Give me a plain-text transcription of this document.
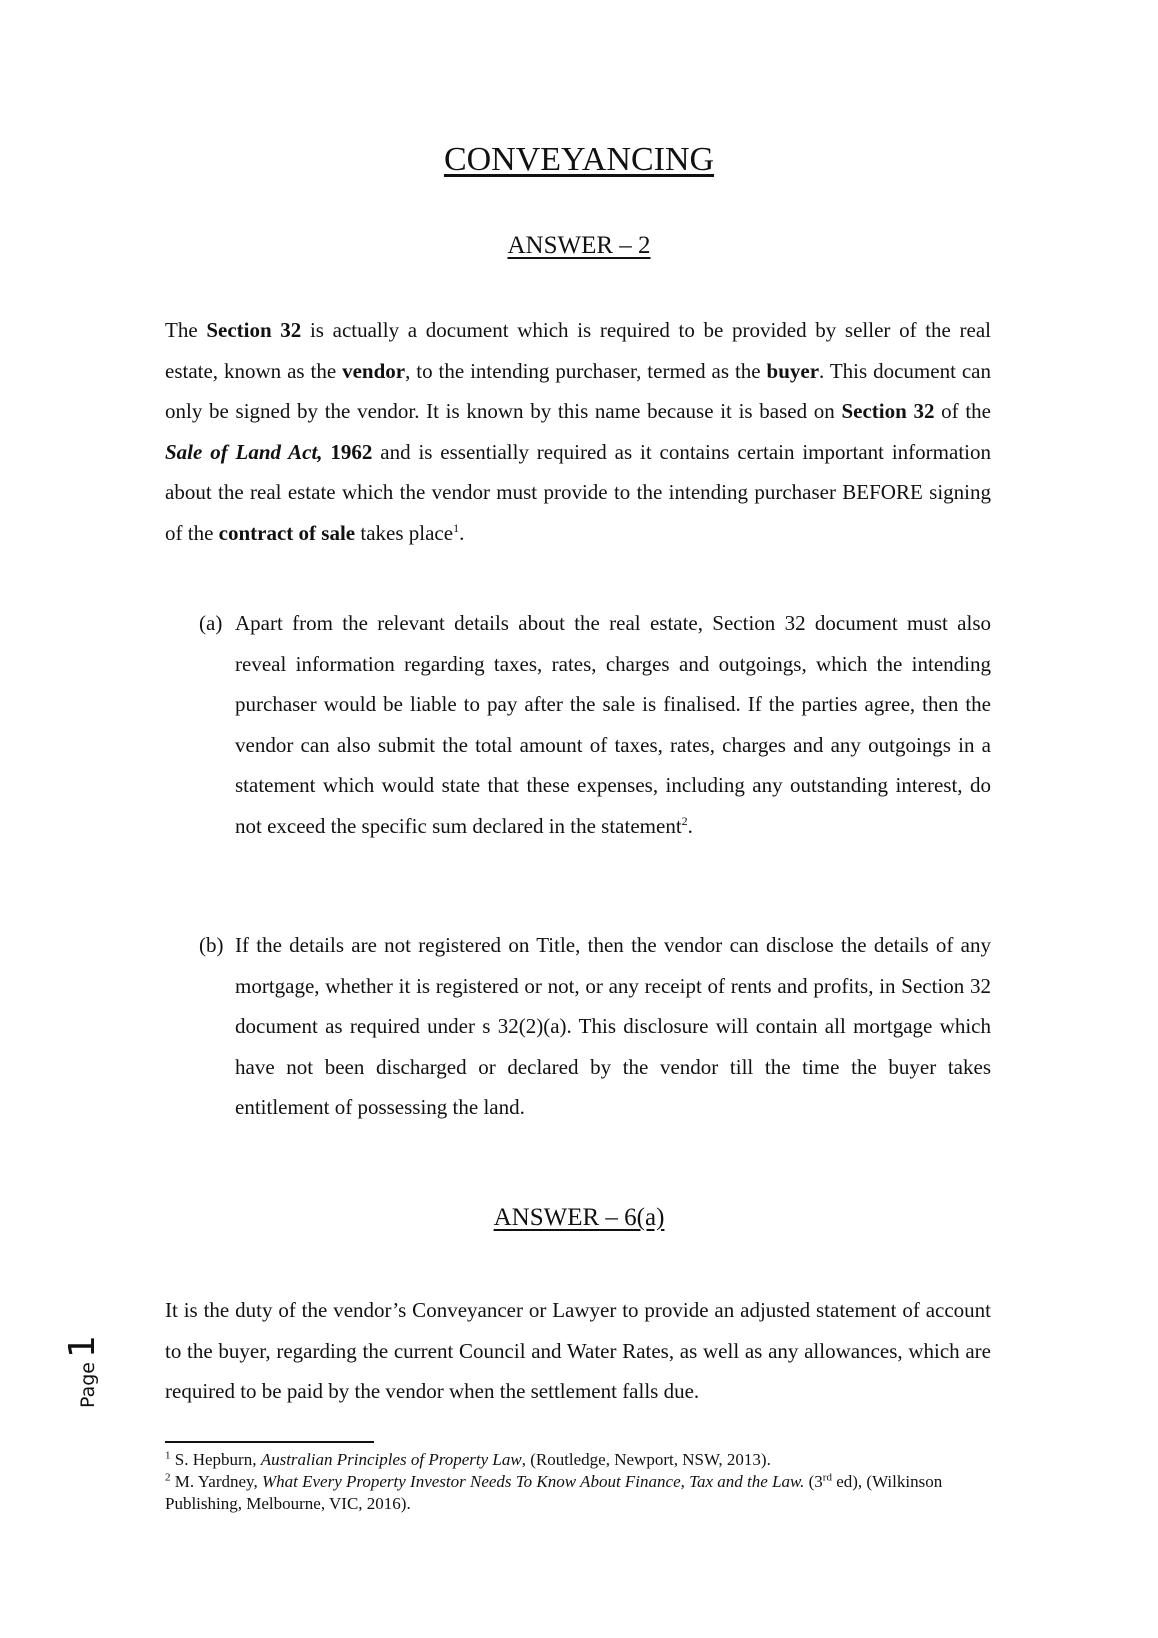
CONVEYANCING
ANSWER – 2

The Section 32 is actually a document which is required to be provided by seller of the real estate, known as the vendor, to the intending purchaser, termed as the buyer. This document can only be signed by the vendor. It is known by this name because it is based on Section 32 of the Sale of Land Act, 1962 and is essentially required as it contains certain important information about the real estate which the vendor must provide to the intending purchaser BEFORE signing of the contract of sale takes place$^1$.

(a) Apart from the relevant details about the real estate, Section 32 document must also reveal information regarding taxes, rates, charges and outgoings, which the intending purchaser would be liable to pay after the sale is finalised. If the parties agree, then the vendor can also submit the total amount of taxes, rates, charges and any outgoings in a statement which would state that these expenses, including any outstanding interest, do not exceed the specific sum declared in the statement$^2$.
(b) If the details are not registered on Title, then the vendor can disclose the details of any mortgage, whether it is registered or not, or any receipt of rents and profits, in Section 32 document as required under s 32(2)(a). This disclosure will contain all mortgage which have not been discharged or declared by the vendor till the time the buyer takes entitlement of possessing the land.
ANSWER – 6(a)

It is the duty of the vendor’s Conveyancer or Lawyer to provide an adjusted statement of account to the buyer, regarding the current Council and Water Rates, as well as any allowances, which are required to be paid by the vendor when the settlement falls due.

$^1$ S. Hepburn, Australian Principles of Property Law, (Routledge, Newport, NSW, 2013).

$^2$ M. Yardney, What Every Property Investor Needs To Know About Finance, Tax and the Law. (3rd ed), (Wilkinson Publishing, Melbourne, VIC, 2016).

Page1
